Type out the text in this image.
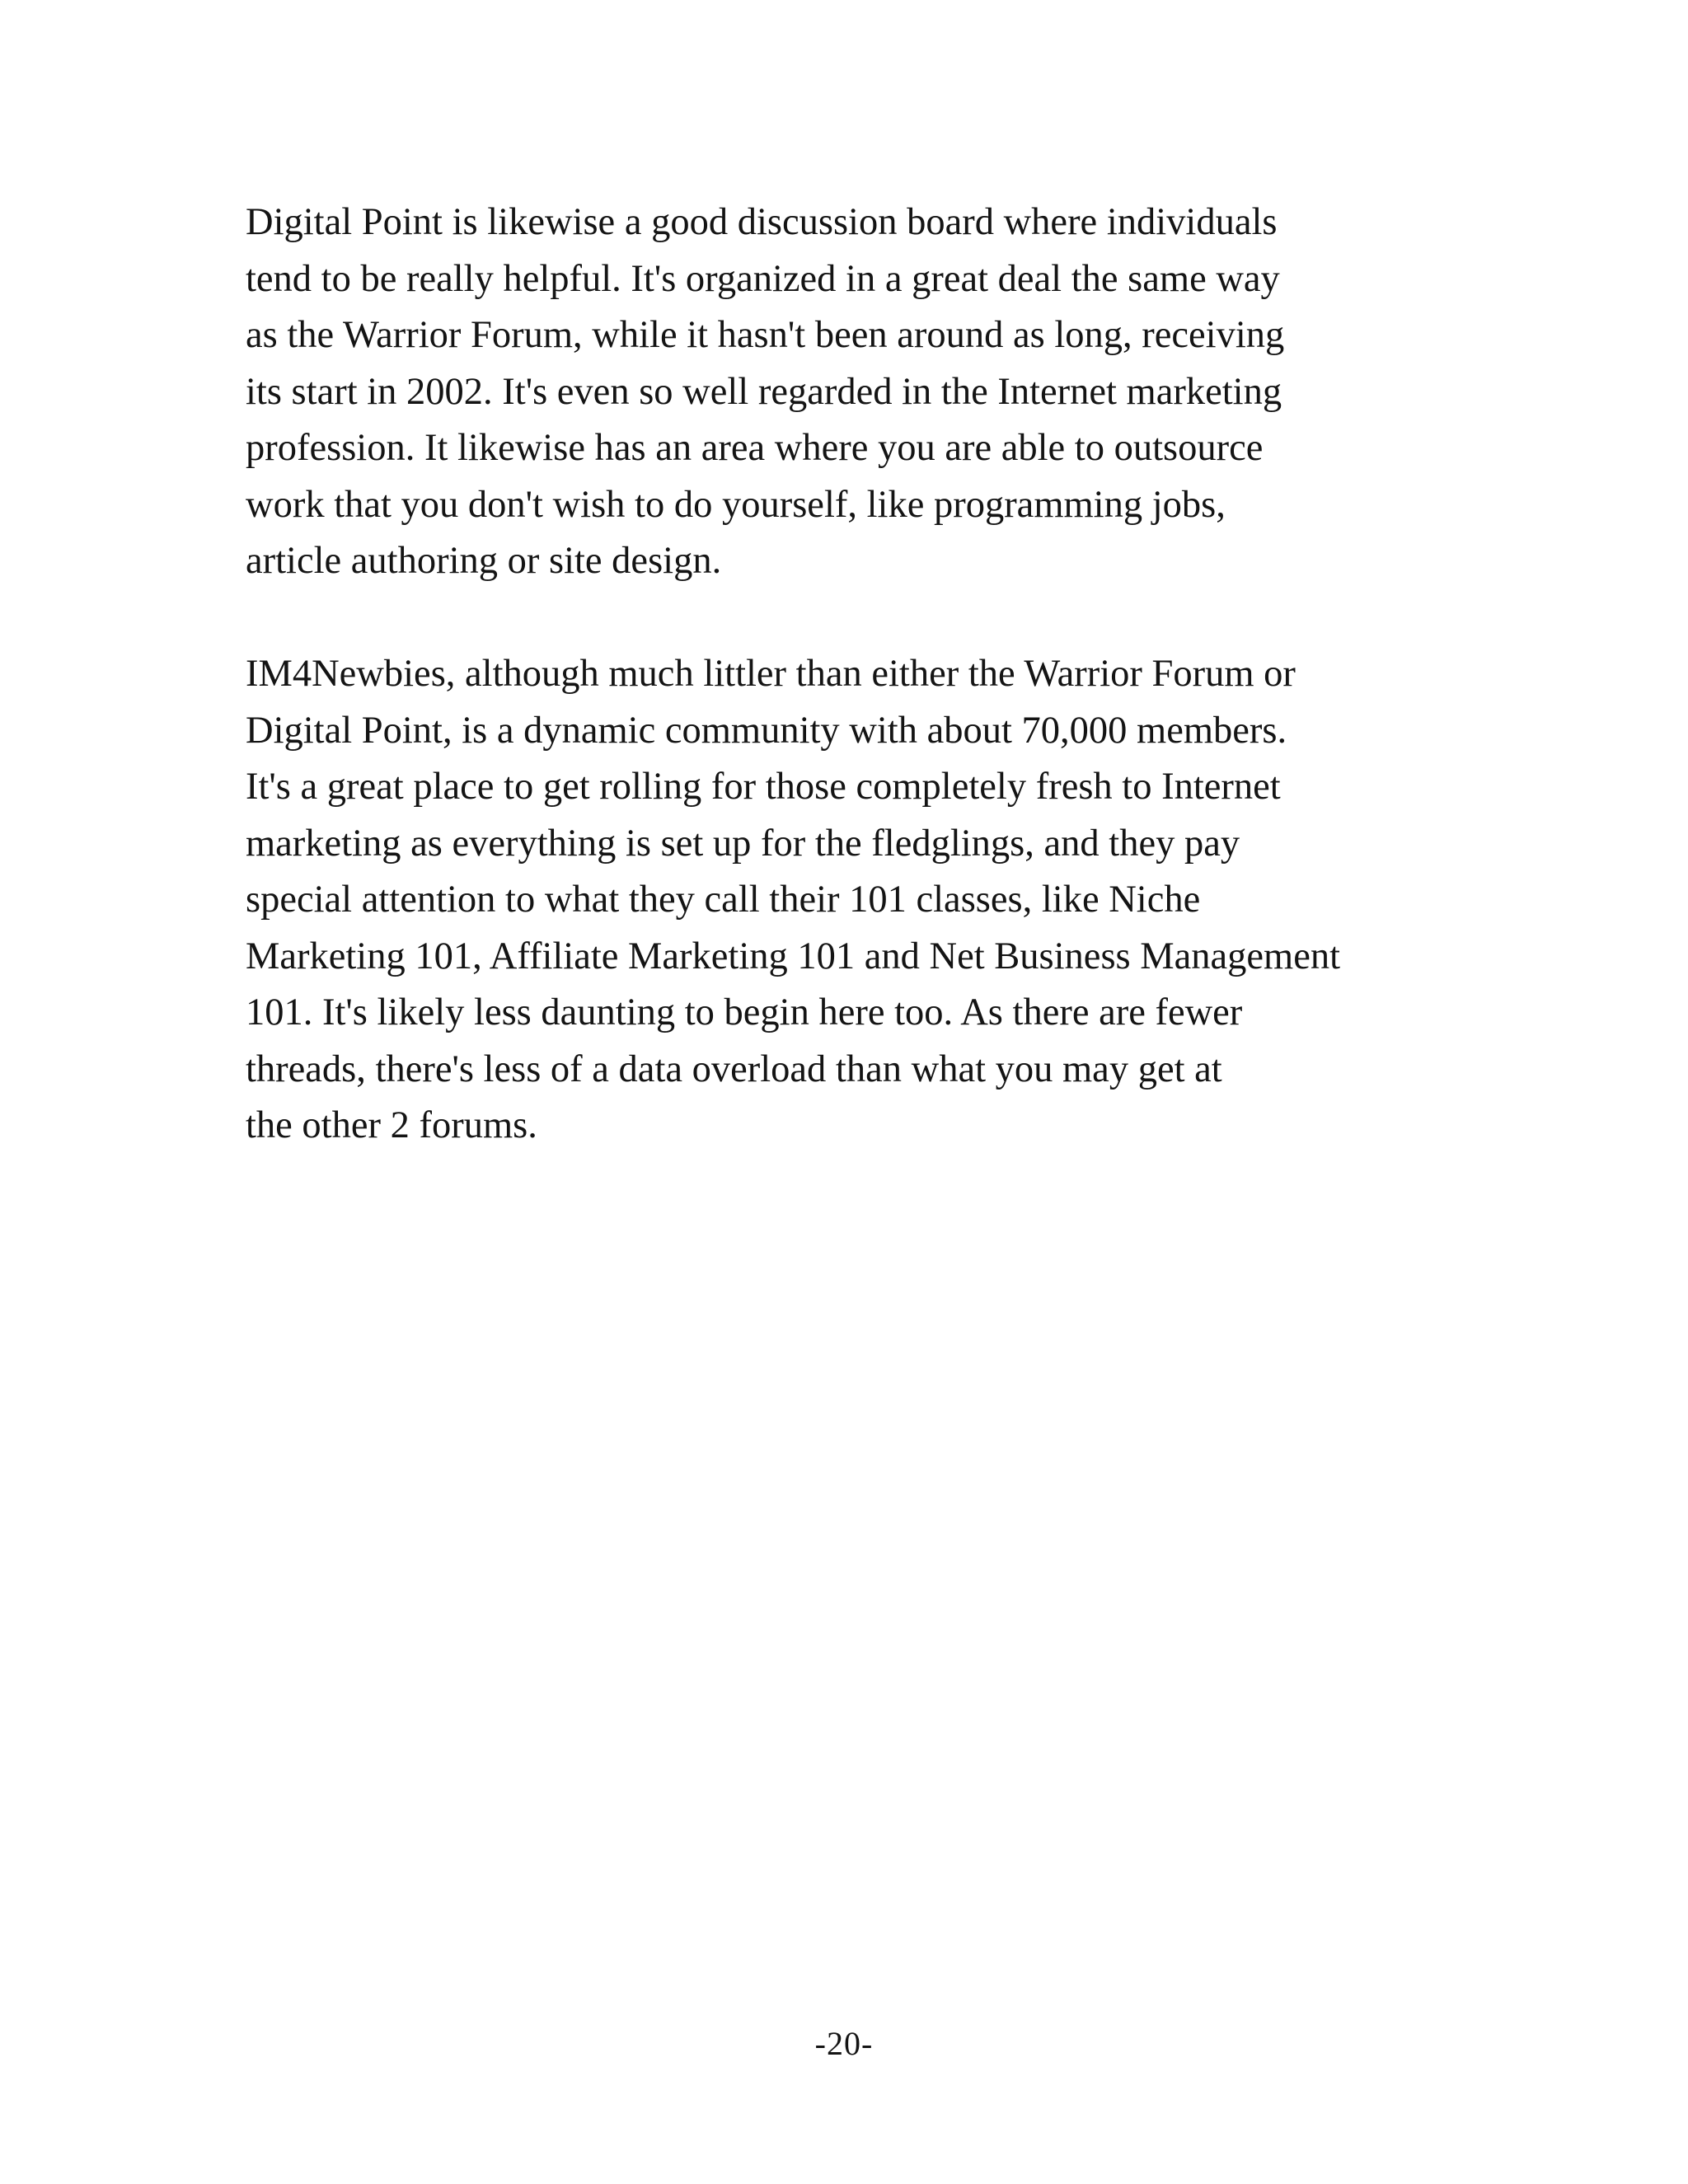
Digital Point is likewise a good discussion board where individuals
tend to be really helpful. It's organized in a great deal the same way
as the Warrior Forum, while it hasn't been around as long, receiving
its start in 2002. It's even so well regarded in the Internet marketing
profession. It likewise has an area where you are able to outsource
work that you don't wish to do yourself, like programming jobs,
article authoring or site design.
IM4Newbies, although much littler than either the Warrior Forum or
Digital Point, is a dynamic community with about 70,000 members.
It's a great place to get rolling for those completely fresh to Internet
marketing as everything is set up for the fledglings, and they pay
special attention to what they call their 101 classes, like Niche
Marketing 101, Affiliate Marketing 101 and Net Business Management
101. It's likely less daunting to begin here too. As there are fewer
threads, there's less of a data overload than what you may get at
the other 2 forums.
-20-
